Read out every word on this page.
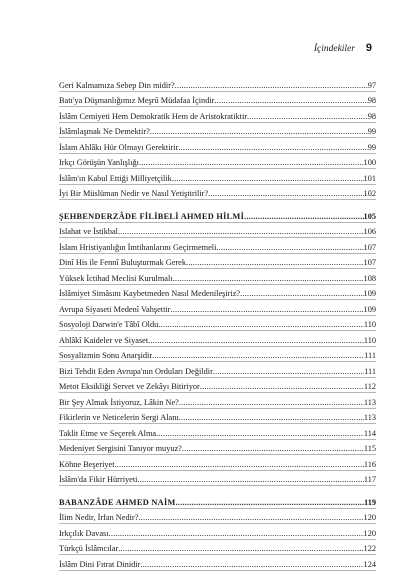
İçindekiler 9
Geri Kalmamıza Sebep Din midir? .....	97
Batı'ya Düşmanlığımız Meşrû Müdafaa İçindir .....	98
İslâm Cemiyeti Hem Demokratik Hem de Aristokratiktir .....	98
İslâmlaşmak Ne Demektir? .....	99
İslam Ahlâkı Hür Olmayı Gerektirir .....	99
Irkçı Görüşün Yanlışlığı .....	100
İslâm'ın Kabul Ettiği Milliyetçilik .....	101
İyi Bir Müslüman Nedir ve Nasıl Yetiştirilir? .....	102
ŞEHBENDERZÂDE FİLİBELİ AHMED HİLMİ .....	105
Islahat ve İstikbal .....	106
İslam Hristiyanlığın İmtihanlarını Geçirmemeli .....	107
Dinî His ile Fennî Buluşturmak Gerek .....	107
Yüksek İctihad Meclisi Kurulmalı .....	108
İslâmiyet Simâsını Kaybetmeden Nasıl Medenileşiriz? .....	109
Avrupa Siyaseti Medenî Vahşettir .....	109
Sosyoloji Darwin'e Tâbî Oldu .....	110
Ahlâkî Kaideler ve Siyaset .....	110
Sosyalizmin Sonu Anarşidir .....	111
Bizi Tehdit Eden Avrupa'nın Orduları Değildir .....	111
Metot Eksikliği Servet ve Zekâyı Bitiriyor .....	112
Bir Şey Almak İstiyoruz, Lâkin Ne? .....	113
Fikirlerin ve Neticelerin Sergi Alanı .....	113
Taklit Etme ve Seçerek Alma .....	114
Medeniyet Sergisini Tanıyor muyuz? .....	115
Köhne Beşeriyet .....	116
İslâm'da Fikir Hürriyeti .....	117
BABANZÂDE AHMED NAİM .....	119
İlim Nedir, İrfan Nedir? .....	120
Irkçılık Davası .....	120
Türkçü İslâmcılar .....	122
İslâm Dini Fıtrat Dinidir .....	124
